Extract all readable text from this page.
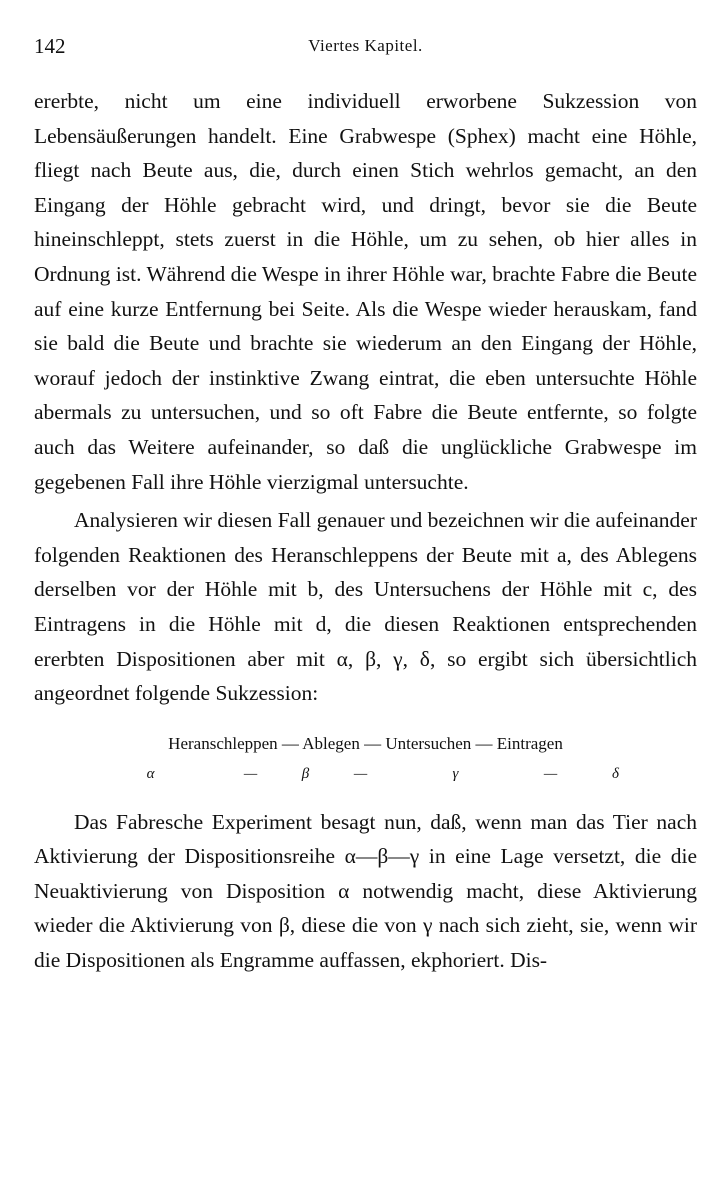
142	Viertes Kapitel.

ererbte, nicht um eine individuell erworbene Sukzession von Lebensäußerungen handelt. Eine Grabwespe (Sphex) macht eine Höhle, fliegt nach Beute aus, die, durch einen Stich wehrlos gemacht, an den Eingang der Höhle gebracht wird, und dringt, bevor sie die Beute hineinschleppt, stets zuerst in die Höhle, um zu sehen, ob hier alles in Ordnung ist. Während die Wespe in ihrer Höhle war, brachte Fabre die Beute auf eine kurze Entfernung bei Seite. Als die Wespe wieder herauskam, fand sie bald die Beute und brachte sie wiederum an den Eingang der Höhle, worauf jedoch der instinktive Zwang eintrat, die eben untersuchte Höhle abermals zu untersuchen, und so oft Fabre die Beute entfernte, so folgte auch das Weitere aufeinander, so daß die unglückliche Grabwespe im gegebenen Fall ihre Höhle vierzigmal untersuchte.

Analysieren wir diesen Fall genauer und bezeichnen wir die aufeinander folgenden Reaktionen des Heranschleppens der Beute mit a, des Ablegens derselben vor der Höhle mit b, des Untersuchens der Höhle mit c, des Eintragens in die Höhle mit d, die diesen Reaktionen entsprechenden ererbten Dispositionen aber mit α, β, γ, δ, so ergibt sich übersichtlich angeordnet folgende Sukzession:

Heranschleppen — Ablegen — Untersuchen — Eintragen
α	—	β	—	γ	—	δ

Das Fabresche Experiment besagt nun, daß, wenn man das Tier nach Aktivierung der Dispositionsreihe α—β—γ in eine Lage versetzt, die die Neuaktivierung von Disposition α notwendig macht, diese Aktivierung wieder die Aktivierung von β, diese die von γ nach sich zieht, sie, wenn wir die Dispositionen als Engramme auffassen, ekphoriert. Dis-
